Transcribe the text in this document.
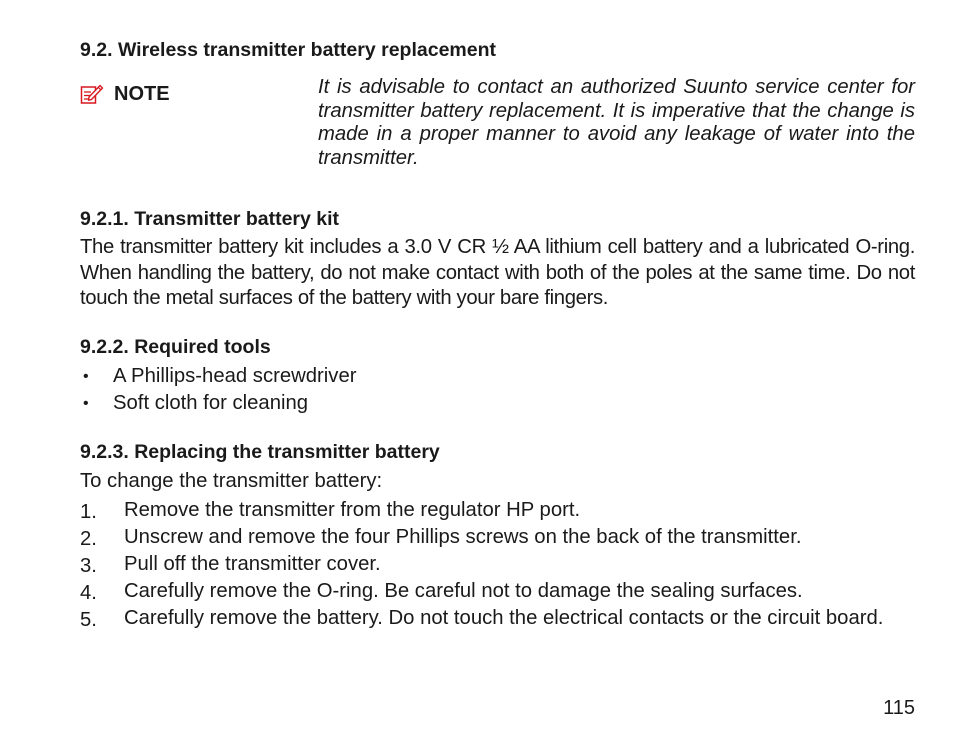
9.2. Wireless transmitter battery replacement
NOTE	It is advisable to contact an authorized Suunto service center for transmitter battery replacement. It is imperative that the change is made in a proper manner to avoid any leakage of water into the transmitter.

9.2.1. Transmitter battery kit

The transmitter battery kit includes a 3.0 V CR ½ AA lithium cell battery and a lubricated O-ring. When handling the battery, do not make contact with both of the poles at the same time. Do not touch the metal surfaces of the battery with your bare fingers.

9.2.2. Required tools
• A Phillips-head screwdriver
• Soft cloth for cleaning
9.2.3. Replacing the transmitter battery

To change the transmitter battery:

1. Remove the transmitter from the regulator HP port.
2. Unscrew and remove the four Phillips screws on the back of the transmitter.
3. Pull off the transmitter cover.
4. Carefully remove the O-ring. Be careful not to damage the sealing surfaces.
5. Carefully remove the battery. Do not touch the electrical contacts or the circuit board.
115
